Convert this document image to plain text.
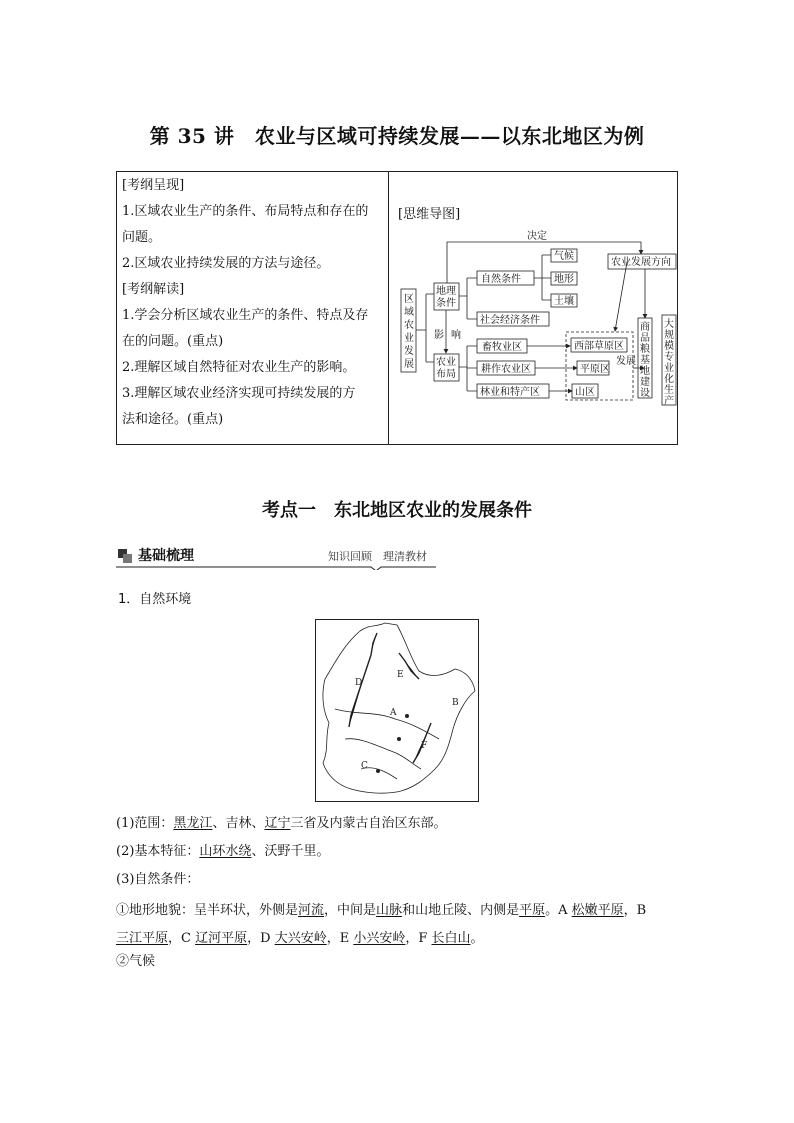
第 35 讲　农业与区域可持续发展——以东北地区为例

[考纲呈现]

1.区域农业生产的条件、布局特点和存在的

问题。

2.区域农业持续发展的方法与途径。

[考纲解读]

1.学会分析区域农业生产的条件、特点及存

在的问题。(重点)

2.理解区域自然特征对农业生产的影响。

3.理解区域农业经济实现可持续发展的方

法和途径。(重点)

[思维导图]
区
域
农
业
发
展
地理
条件
影 响
农业
布局
自然条件
气候
地形
土壤
社会经济条件
决定
农业发展方向
畜牧业区
耕作农业区
林业和特产区
西部草原区
平原区
山区
发展
商
品
粮
基
地
建
设
大
规
模
专
业
化
生
产
考点一　东北地区农业的发展条件
基础梳理	知识回顾　理清教材
1．自然环境
A
B
C
D
E
F
(1)范围：黑龙江、吉林、辽宁三省及内蒙古自治区东部。
(2)基本特征：山环水绕、沃野千里。
(3)自然条件：
①地形地貌：呈半环状，外侧是河流，中间是山脉和山地丘陵、内侧是平原。A 松嫩平原，B
三江平原，C 辽河平原，D 大兴安岭，E 小兴安岭，F 长白山。
②气候
